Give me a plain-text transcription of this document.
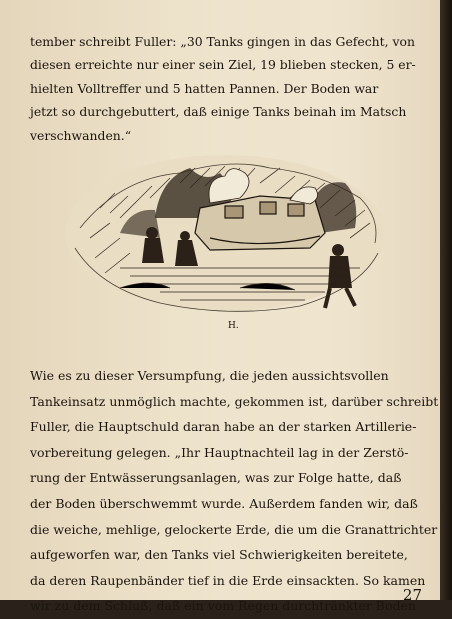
tember schreibt Fuller: „30 Tanks gingen in das Gefecht, von
diesen erreichte nur einer sein Ziel, 19 blieben stecken, 5 er-
hielten Volltreffer und 5 hatten Pannen. Der Boden war
jetzt so durchgebuttert, daß einige Tanks beinah im Matsch
verschwanden.“
H.
Wie es zu dieser Versumpfung, die jeden aussichtsvollen
Tankeinsatz unmöglich machte, gekommen ist, darüber schreibt
Fuller, die Hauptschuld daran habe an der starken Artillerie-
vorbereitung gelegen. „Ihr Hauptnachteil lag in der Zerstö-
rung der Entwässerungsanlagen, was zur Folge hatte, daß
der Boden überschwemmt wurde. Außerdem fanden wir, daß
die weiche, mehlige, gelockerte Erde, die um die Granattrichter
aufgeworfen war, den Tanks viel Schwierigkeiten bereitete,
da deren Raupenbänder tief in die Erde einsackten. So kamen
wir zu dem Schluß, daß ein vom Regen durchtränkter Boden
27
